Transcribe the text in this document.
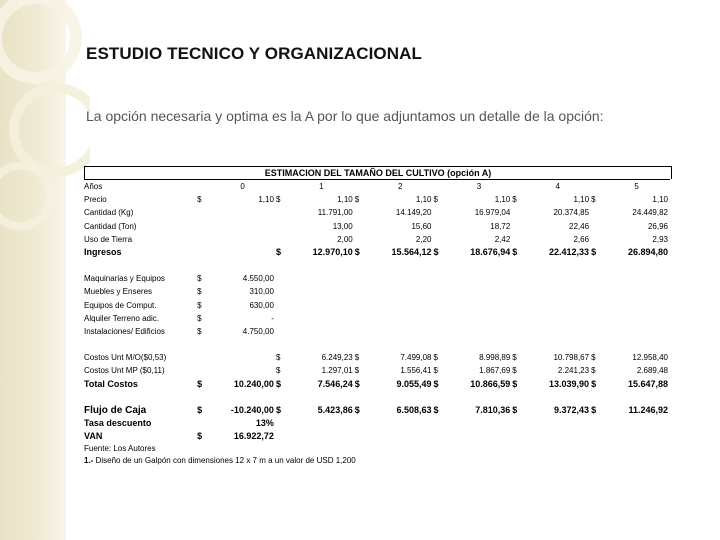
ESTUDIO TECNICO Y ORGANIZACIONAL
La opción necesaria y optima es la A por lo que adjuntamos un detalle de la opción:
ESTIMACION DEL TAMAÑO DEL CULTIVO (opción A)
Años		0		1		2		3		4		5
Precio	$	1,10	$	1,10	$	1,10	$	1,10	$	1,10	$	1,10
Cantidad (Kg)				11.791,00		14.149,20		16.979,04		20.374,85		24.449,82
Cantidad (Ton)				13,00		15,60		18,72		22,46		26,96
Uso de Tierra				2,00		2,20		2,42		2,66		2,93
Ingresos			$	12.970,10	$	15.564,12	$	18.676,94	$	22.412,33	$	26.894,80

Maquinarias y Equipos	$	4.550,00										
Muebles y Enseres	$	310,00										
Equipos de Comput.	$	630,00										
Alquiler Terreno adic.	$	-										
Instalaciones/ Edificios	$	4.750,00										

Costos Unt M/O($0,53)			$	6.249,23	$	7.499,08	$	8.998,89	$	10.798,67	$	12.958,40
Costos Unt MP ($0,11)			$	1.297,01	$	1.556,41	$	1.867,69	$	2.241,23	$	2.689,48
Total Costos	$	10.240,00	$	7.546,24	$	9.055,49	$	10.866,59	$	13.039,90	$	15.647,88

Flujo de Caja	$	-10.240,00	$	5.423,86	$	6.508,63	$	7.810,36	$	9.372,43	$	11.246,92
Tasa descuento		13%										
VAN	$	16.922,72										
Fuente: Los Autores
1.- Diseño de un Galpón con dimensiones 12 x 7 m a un valor de USD 1,200
